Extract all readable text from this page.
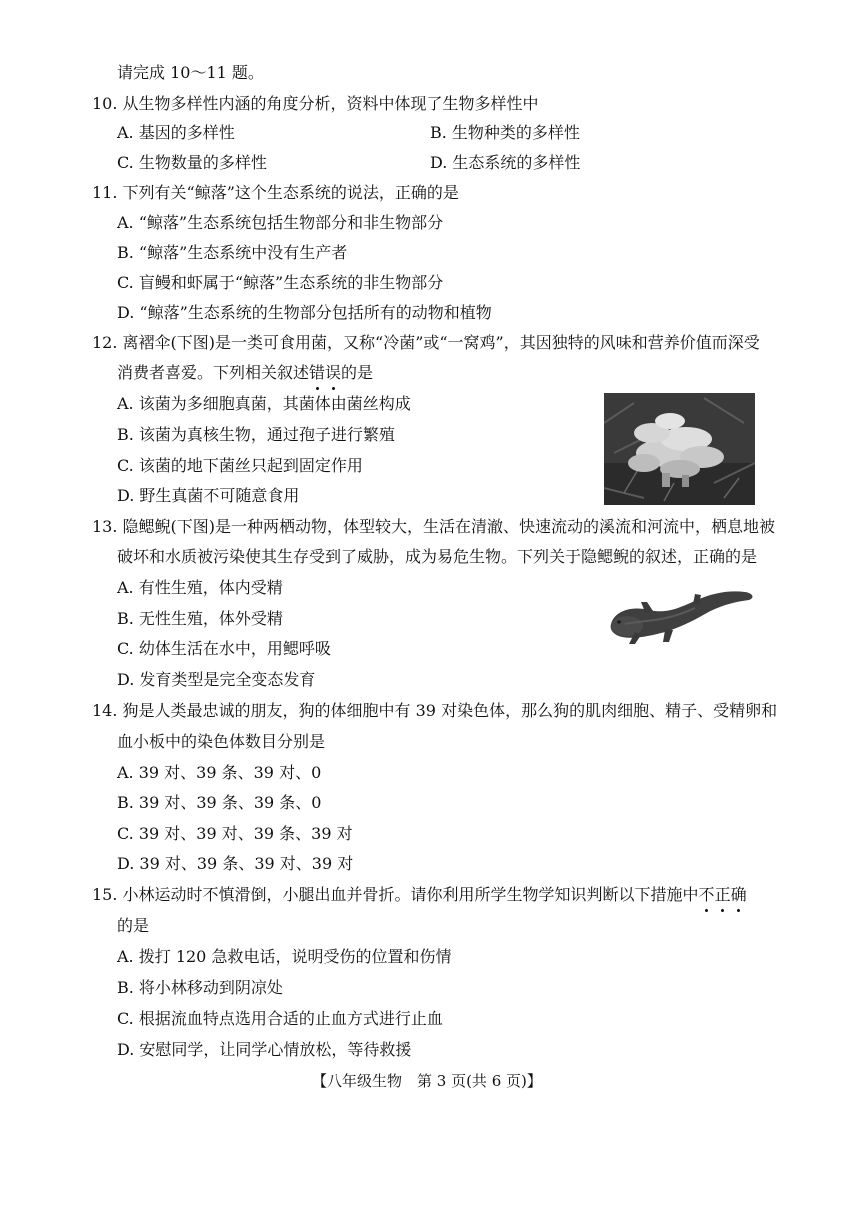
请完成 10～11 题。
10. 从生物多样性内涵的角度分析，资料中体现了生物多样性中
A. 基因的多样性	B. 生物种类的多样性
C. 生物数量的多样性	D. 生态系统的多样性
11. 下列有关“鲸落”这个生态系统的说法，正确的是
A. “鲸落”生态系统包括生物部分和非生物部分
B. “鲸落”生态系统中没有生产者
C. 盲鳗和虾属于“鲸落”生态系统的非生物部分
D. “鲸落”生态系统的生物部分包括所有的动物和植物
12. 离褶伞(下图)是一类可食用菌，又称“冷菌”或“一窝鸡”，其因独特的风味和营养价值而深受
消费者喜爱。下列相关叙述错误的是
A. 该菌为多细胞真菌，其菌体由菌丝构成
B. 该菌为真核生物，通过孢子进行繁殖
C. 该菌的地下菌丝只起到固定作用
D. 野生真菌不可随意食用
13. 隐鳃鲵(下图)是一种两栖动物，体型较大，生活在清澈、快速流动的溪流和河流中，栖息地被
破坏和水质被污染使其生存受到了威胁，成为易危生物。下列关于隐鳃鲵的叙述，正确的是
A. 有性生殖，体内受精
B. 无性生殖，体外受精
C. 幼体生活在水中，用鳃呼吸
D. 发育类型是完全变态发育
14. 狗是人类最忠诚的朋友，狗的体细胞中有 39 对染色体，那么狗的肌肉细胞、精子、受精卵和
血小板中的染色体数目分别是
A. 39 对、39 条、39 对、0
B. 39 对、39 条、39 条、0
C. 39 对、39 对、39 条、39 对
D. 39 对、39 条、39 对、39 对
15. 小林运动时不慎滑倒，小腿出血并骨折。请你利用所学生物学知识判断以下措施中不正确
的是
A. 拨打 120 急救电话，说明受伤的位置和伤情
B. 将小林移动到阴凉处
C. 根据流血特点选用合适的止血方式进行止血
D. 安慰同学，让同学心情放松，等待救援
【八年级生物　第 3 页(共 6 页)】
